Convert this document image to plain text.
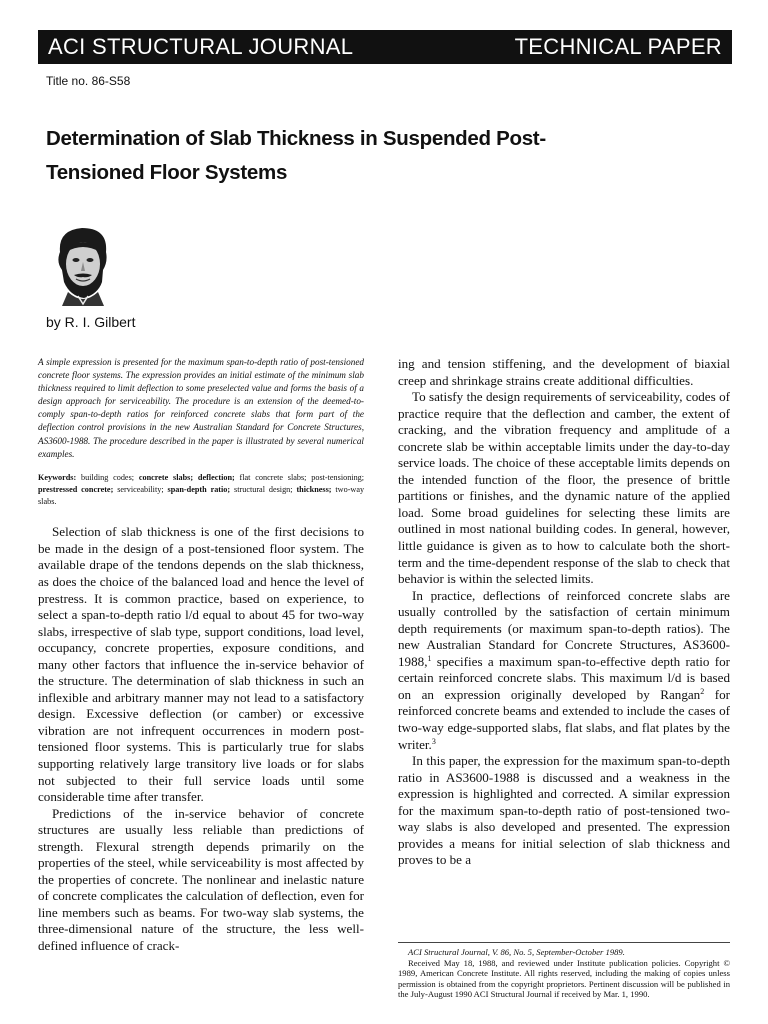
ACI STRUCTURAL JOURNAL	TECHNICAL PAPER
Title no. 86-S58
Determination of Slab Thickness in Suspended Post-Tensioned Floor Systems
by R. I. Gilbert

A simple expression is presented for the maximum span-to-depth ratio of post-tensioned concrete floor systems. The expression provides an initial estimate of the minimum slab thickness required to limit deflection to some preselected value and forms the basis of a design approach for serviceability. The procedure is an extension of the deemed-to-comply span-to-depth ratios for reinforced concrete slabs that form part of the deflection control provisions in the new Australian Standard for Concrete Structures, AS3600-1988. The procedure described in the paper is illustrated by several numerical examples.

Keywords: building codes; concrete slabs; deflection; flat concrete slabs; post-tensioning; prestressed concrete; serviceability; span-depth ratio; structural design; thickness; two-way slabs.

Selection of slab thickness is one of the first decisions to be made in the design of a post-tensioned floor system. The available drape of the tendons depends on the slab thickness, as does the choice of the balanced load and hence the level of prestress. It is common practice, based on experience, to select a span-to-depth ratio l/d equal to about 45 for two-way slabs, irrespective of slab type, support conditions, load level, occupancy, concrete properties, exposure conditions, and many other factors that influence the in-service behavior of the structure. The determination of slab thickness in such an inflexible and arbitrary manner may not lead to a satisfactory design. Excessive deflection (or camber) or excessive vibration are not infrequent occurrences in modern post-tensioned floor systems. This is particularly true for slabs supporting relatively large transitory live loads or for slabs not subjected to their full service loads until some considerable time after transfer.

Predictions of the in-service behavior of concrete structures are usually less reliable than predictions of strength. Flexural strength depends primarily on the properties of the steel, while serviceability is most affected by the properties of concrete. The nonlinear and inelastic nature of concrete complicates the calculation of deflection, even for line members such as beams. For two-way slab systems, the three-dimensional nature of the structure, the less well-defined influence of crack-

ing and tension stiffening, and the development of biaxial creep and shrinkage strains create additional difficulties.

To satisfy the design requirements of serviceability, codes of practice require that the deflection and camber, the extent of cracking, and the vibration frequency and amplitude of a concrete slab be within acceptable limits under the day-to-day service loads. The choice of these acceptable limits depends on the intended function of the floor, the presence of brittle partitions or finishes, and the dynamic nature of the applied load. Some broad guidelines for selecting these limits are outlined in most national building codes. In general, however, little guidance is given as to how to calculate both the short-term and the time-dependent response of the slab to check that behavior is within the selected limits.

In practice, deflections of reinforced concrete slabs are usually controlled by the satisfaction of certain minimum depth requirements (or maximum span-to-depth ratios). The new Australian Standard for Concrete Structures, AS3600-1988,$^1$ specifies a maximum span-to-effective depth ratio for certain reinforced concrete slabs. This maximum l/d is based on an expression originally developed by Rangan$^2$ for reinforced concrete beams and extended to include the cases of two-way edge-supported slabs, flat slabs, and flat plates by the writer.$^3$

In this paper, the expression for the maximum span-to-depth ratio in AS3600-1988 is discussed and a weakness in the expression is highlighted and corrected. A similar expression for the maximum span-to-depth ratio of post-tensioned two-way slabs is also developed and presented. The expression provides a means for initial selection of slab thickness and proves to be a

ACI Structural Journal, V. 86, No. 5, September-October 1989.

Received May 18, 1988, and reviewed under Institute publication policies. Copyright © 1989, American Concrete Institute. All rights reserved, including the making of copies unless permission is obtained from the copyright proprietors. Pertinent discussion will be published in the July-August 1990 ACI Structural Journal if received by Mar. 1, 1990.
